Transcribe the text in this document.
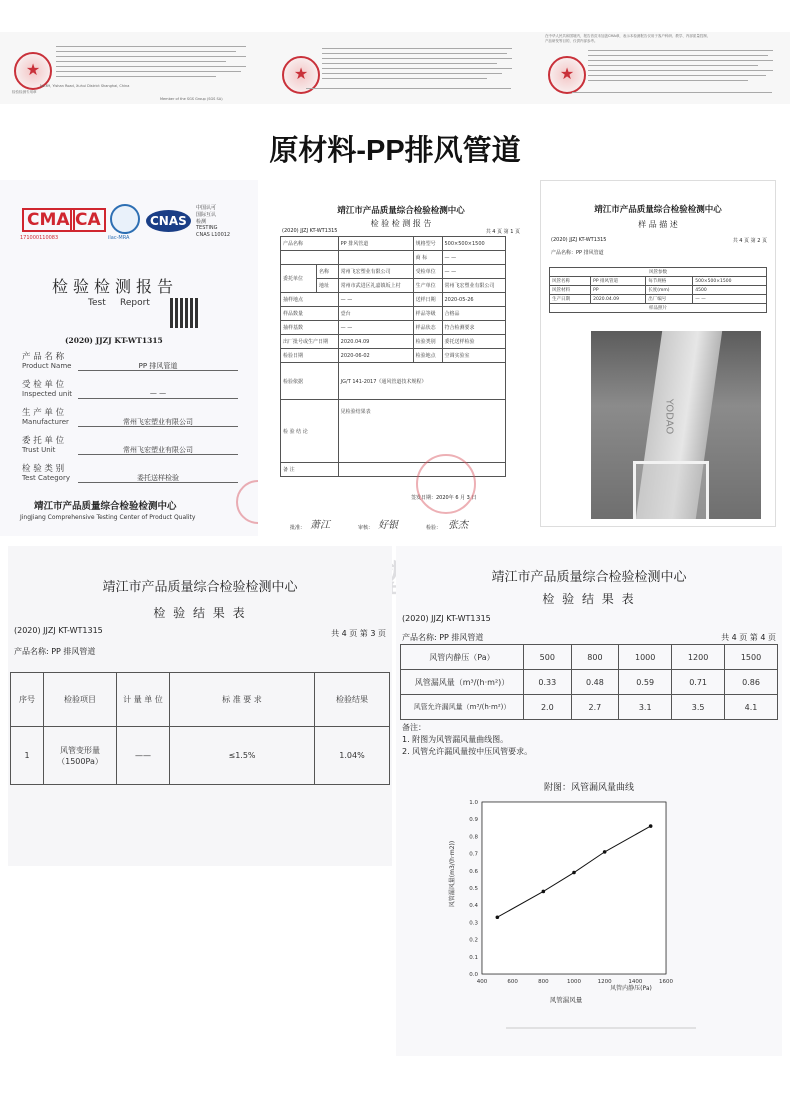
★
检验检测专用章
No.69, Yishan Road, Xuhui District Shanghai, China
Member of the SGS Group (SGS SA)
★
在中华人民共和国境内，报告首页未加盖CMA章，表示本检测报告仅用于客户科研、教学、内部质量控制、
产品研发等目的，仅供内部参考。
★
原材料-PP排风管道
CMA
171000110083
CA
ilac-MRA
CNAS
中国认可
国际互认
检测
TESTING
CNAS L10012
检验检测报告
Test     Report
(2020) JJZJ KT-WT1315
产 品 名 称
Product Name	PP 排风管道
受 检 单 位
Inspected unit	— —
生 产 单 位
Manufacturer	常州飞宏塑业有限公司
委 托 单 位
Trust Unit	常州飞宏塑业有限公司
检 验 类 别
Test Category	委托送样检验
靖江市产品质量综合检验检测中心
JingJiang Comprehensive Testing Center of Product Quality
靖江市产品质量综合检验检测中心
检 验 检 测 报 告
(2020) JJZJ KT-WT1315	共 4 页 第 1 页
产品名称		PP 排风管道	规格型号	500×500×1500
			商 标	— —
委托单位	名称	常州飞宏塑业有限公司	受检单位	— —
	地址	常州市武进区礼嘉镇坂上村	生产单位	常州飞宏塑业有限公司
抽样地点		— —	送样日期	2020-05-26
样品数量		壹台	样品等级	合格品
抽样基数		— —	样品状态	符合检测要求
出厂批号或生产日期		2020.04.09	检验类别	委托送样检验
检验日期		2020-06-02	检验地点	空调实验室
检验依据		JG/T 141-2017《通风管道技术规程》		
检 验 结 论		见检验结果表		
备 注				
签发日期：2020年 6 月 3 日
批准： 萧江	审核： 好银	检验： 张杰
靖江市产品质量综合检验检测中心
样 品 描 述
(2020) JJZJ KT-WT1315	共 4 页 第 2 页
产品名称：PP 排风管道
风管参数			
风管名称	PP 排风管道	每节规格	500×500×1500
风管材料	PP	长度(mm)	4500
生产日期	2020.04.09	出厂编号	— —
样品照片			
YODAO
靖江市产品质量综合检验检测中心
检 验 结 果 表
(2020) JJZJ KT-WT1315	共 4 页 第 3 页
产品名称: PP 排风管道
序号	检验项目	计 量 单 位	标 准 要 求	检验结果
1	风管变形量（1500Pa）	——	≤1.5%	1.04%
靖江市产品质量综合检验检测中心
检 验 结 果 表
(2020) JJZJ KT-WT1315
产品名称: PP 排风管道	共 4 页 第 4 页
风管内静压（Pa）	500	800	1000	1200	1500
风管漏风量（m³/(h·m²)）	0.33	0.48	0.59	0.71	0.86
风管允许漏风量（m³/(h·m²)）	2.0	2.7	3.1	3.5	4.1
备注：
1. 附图为风管漏风量曲线图。
2. 风管允许漏风量按中压风管要求。
附图：风管漏风量曲线
400	600	800	1000	1200	1400	1600
0.0
0.1
0.2
0.3
0.4
0.5
0.6
0.7
0.8
0.9
1.0
风管内静压(Pa)
风管漏风量
风管漏风量(m3/(h·m2))
